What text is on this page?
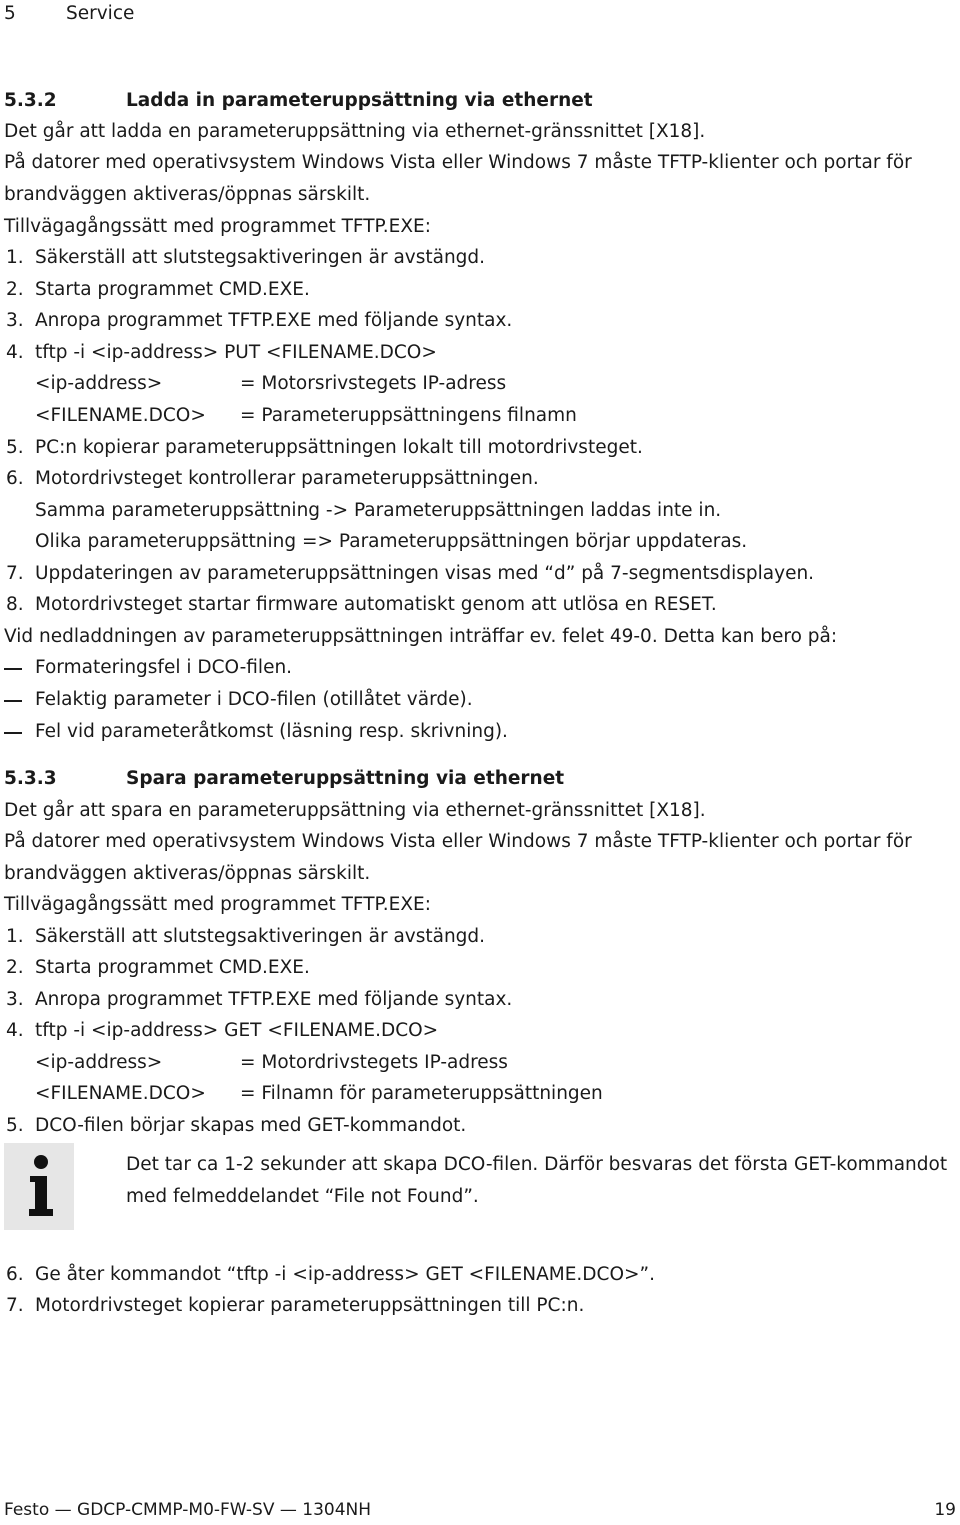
5	Service
5.3.2	Ladda in parameteruppsättning via ethernet
Det går att ladda en parameteruppsättning via ethernet-gränssnittet [X18].
På datorer med operativsystem Windows Vista eller Windows 7 måste TFTP-klienter och portar för
brandväggen aktiveras/öppnas särskilt.
Tillvägagångssätt med programmet TFTP.EXE:
1. Säkerställ att slutstegsaktiveringen är avstängd.
2. Starta programmet CMD.EXE.
3. Anropa programmet TFTP.EXE med följande syntax.
4. tftp -i <ip-address> PUT <FILENAME.DCO>
<ip-address>	= Motorsrivstegets IP-adress
<FILENAME.DCO> = Parameteruppsättningens filnamn
5. PC:n kopierar parameteruppsättningen lokalt till motordrivsteget.
6. Motordrivsteget kontrollerar parameteruppsättningen.
Samma parameteruppsättning -> Parameteruppsättningen laddas inte in.
Olika parameteruppsättning => Parameteruppsättningen börjar uppdateras.
7. Uppdateringen av parameteruppsättningen visas med “d” på 7-segmentsdisplayen.
8. Motordrivsteget startar firmware automatiskt genom att utlösa en RESET.
Vid nedladdningen av parameteruppsättningen inträffar ev. felet 49-0. Detta kan bero på:
Formateringsfel i DCO-filen.
Felaktig parameter i DCO-filen (otillåtet värde).
Fel vid parameteråtkomst (läsning resp. skrivning).
5.3.3	Spara parameteruppsättning via ethernet
Det går att spara en parameteruppsättning via ethernet-gränssnittet [X18].
På datorer med operativsystem Windows Vista eller Windows 7 måste TFTP-klienter och portar för
brandväggen aktiveras/öppnas särskilt.
Tillvägagångssätt med programmet TFTP.EXE:
1. Säkerställ att slutstegsaktiveringen är avstängd.
2. Starta programmet CMD.EXE.
3. Anropa programmet TFTP.EXE med följande syntax.
4. tftp -i <ip-address> GET <FILENAME.DCO>
<ip-address>	= Motordrivstegets IP-adress
<FILENAME.DCO> = Filnamn för parameteruppsättningen
5. DCO-filen börjar skapas med GET-kommandot.
Det tar ca 1-2 sekunder att skapa DCO-filen. Därför besvaras det första GET-kommandot
med felmeddelandet “File not Found”.
6. Ge åter kommandot “tftp -i <ip-address> GET <FILENAME.DCO>”.
7. Motordrivsteget kopierar parameteruppsättningen till PC:n.
Festo — GDCP-CMMP-M0-FW-SV — 1304NH	19
